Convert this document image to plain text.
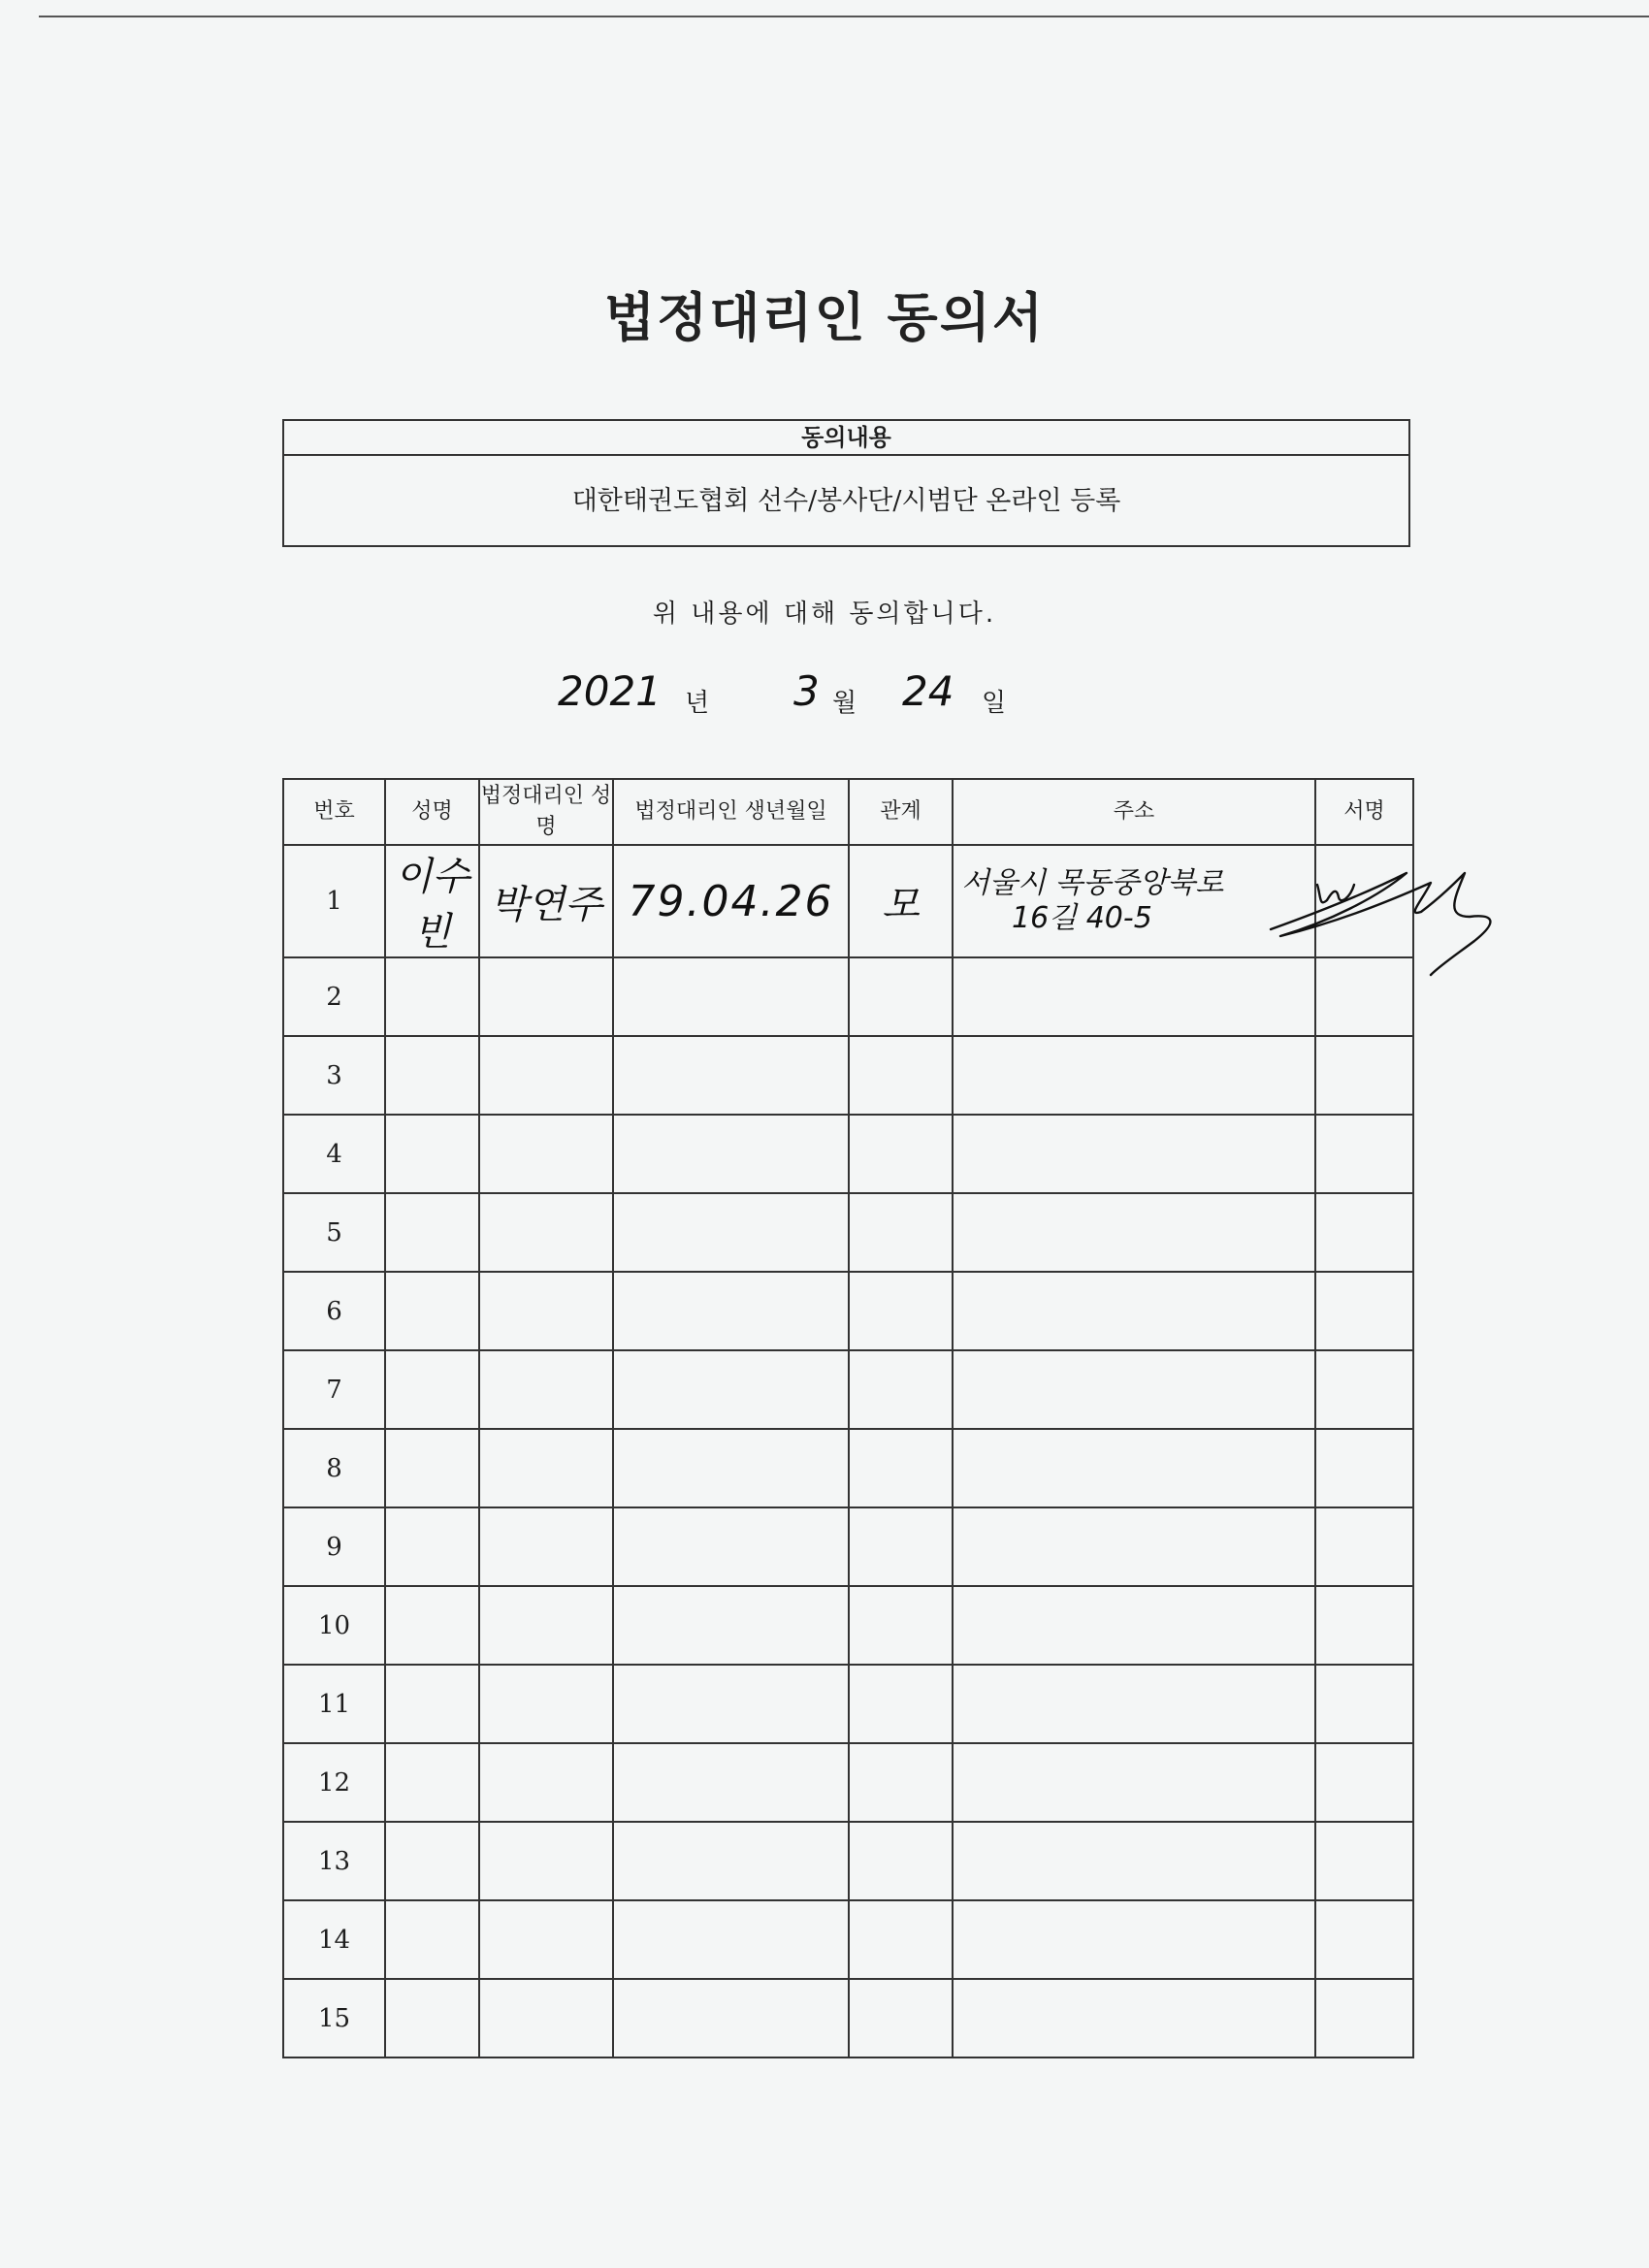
법정대리인 동의서
동의내용
대한태권도협회 선수/봉사단/시범단 온라인 등록
위 내용에 대해 동의합니다.
2021 년 3 월 24 일
번호	성명	법정대리인 성명	법정대리인 생년월일	관계	주소	서명
1	이수빈	박연주	79.04.26	모	서울시 목동중앙북로
16길 40-5	

2						
3						
4						
5						
6						
7						
8						
9						
10						
11						
12						
13						
14						
15						
